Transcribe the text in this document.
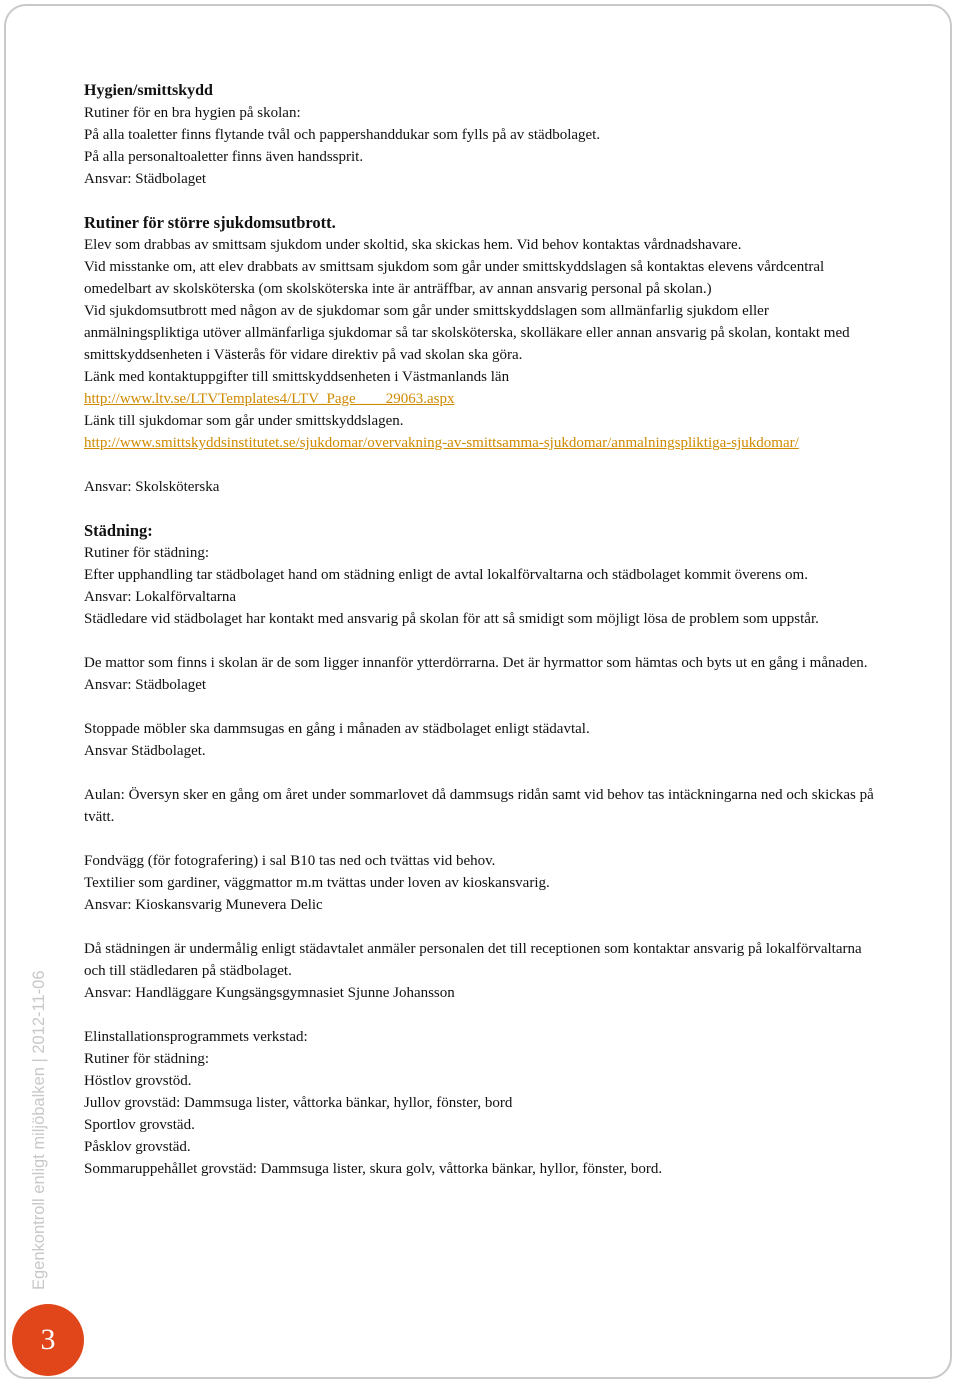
Hygien/smittskydd
Rutiner för en bra hygien på skolan:
På alla toaletter finns flytande tvål och pappershanddukar som fylls på av städbolaget.
På alla personaltoaletter finns även handssprit.
Ansvar: Städbolaget
Rutiner för större sjukdomsutbrott.
Elev som drabbas av smittsam sjukdom under skoltid, ska skickas hem. Vid behov kontaktas vårdnadshavare.
Vid misstanke om, att elev drabbats av smittsam sjukdom som går under smittskyddslagen så kontaktas elevens vårdcentral omedelbart av skolsköterska (om skolsköterska inte är anträffbar, av annan ansvarig personal på skolan.)
Vid sjukdomsutbrott med någon av de sjukdomar som går under smittskyddslagen som allmänfarlig sjukdom eller anmälningspliktiga utöver allmänfarliga sjukdomar så tar skolsköterska, skolläkare eller annan ansvarig på skolan, kontakt med smittskyddsenheten i Västerås för vidare direktiv på vad skolan ska göra.
Länk med kontaktuppgifter till smittskyddsenheten i Västmanlands län
http://www.ltv.se/LTVTemplates4/LTV_Page____29063.aspx
Länk till sjukdomar som går under smittskyddslagen.
http://www.smittskyddsinstitutet.se/sjukdomar/overvakning-av-smittsamma-sjukdomar/anmalningspliktiga-sjukdomar/
Ansvar: Skolsköterska
Städning:
Rutiner för städning:
Efter upphandling tar städbolaget hand om städning enligt de avtal lokalförvaltarna och städbolaget kommit överens om.
Ansvar: Lokalförvaltarna
Städledare vid städbolaget har kontakt med ansvarig på skolan för att så smidigt som möjligt lösa de problem som uppstår.
De mattor som finns i skolan är de som ligger innanför ytterdörrarna. Det är hyrmattor som hämtas och byts ut en gång i månaden.
Ansvar: Städbolaget
Stoppade möbler ska dammsugas en gång i månaden av städbolaget enligt städavtal.
Ansvar Städbolaget.
Aulan: Översyn sker en gång om året under sommarlovet då dammsugs ridån samt vid behov tas intäckningarna ned och skickas på tvätt.
Fondvägg (för fotografering) i sal B10 tas ned och tvättas vid behov.
Textilier som gardiner, väggmattor m.m tvättas under loven av kioskansvarig.
Ansvar: Kioskansvarig Munevera Delic
Då städningen är undermålig enligt städavtalet anmäler personalen det till receptionen som kontaktar ansvarig på lokalförvaltarna och till städledaren på städbolaget.
Ansvar: Handläggare Kungsängsgymnasiet Sjunne Johansson
Elinstallationsprogrammets verkstad:
Rutiner för städning:
Höstlov grovstöd.
Jullov grovstäd: Dammsuga lister, våttorka bänkar, hyllor, fönster, bord
Sportlov grovstäd.
Påsklov grovstäd.
Sommaruppehållet grovstäd: Dammsuga lister, skura golv, våttorka bänkar, hyllor, fönster, bord.
Egenkontroll enligt miljöbalken | 2012-11-06
3
